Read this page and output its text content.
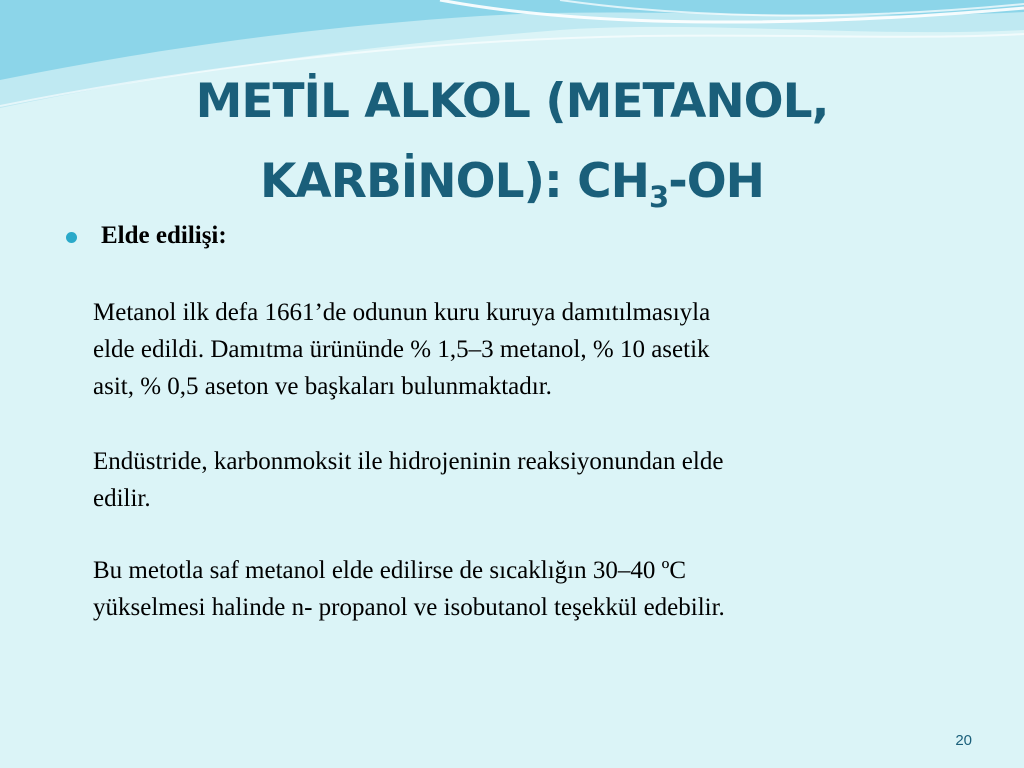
METİL ALKOL (METANOL,
KARBİNOL): $CH_3-OH$
Elde edilişi:
Metanol ilk defa 1661’de odunun kuru kuruya damıtılmasıyla
elde edildi. Damıtma ürününde % 1,5–3 metanol, % 10 asetik
asit, % 0,5 aseton ve başkaları bulunmaktadır.
Endüstride, karbonmoksit ile hidrojeninin reaksiyonundan elde
edilir.
Bu metotla saf metanol elde edilirse de sıcaklığın 30–40 ºC
yükselmesi halinde n- propanol ve isobutanol teşekkül edebilir.
20
